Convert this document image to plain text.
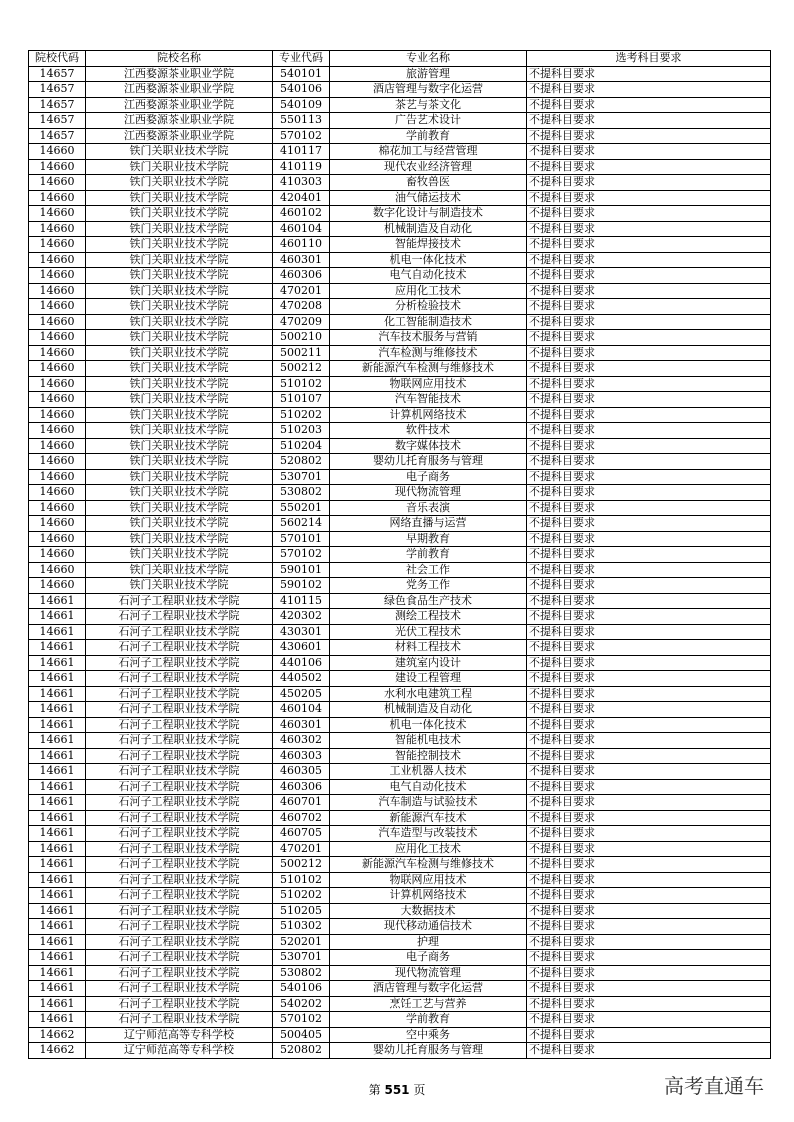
院校代码	院校名称	专业代码	专业名称	选考科目要求
14657	江西婺源茶业职业学院	540101	旅游管理	不提科目要求
14657	江西婺源茶业职业学院	540106	酒店管理与数字化运营	不提科目要求
14657	江西婺源茶业职业学院	540109	茶艺与茶文化	不提科目要求
14657	江西婺源茶业职业学院	550113	广告艺术设计	不提科目要求
14657	江西婺源茶业职业学院	570102	学前教育	不提科目要求
14660	铁门关职业技术学院	410117	棉花加工与经营管理	不提科目要求
14660	铁门关职业技术学院	410119	现代农业经济管理	不提科目要求
14660	铁门关职业技术学院	410303	畜牧兽医	不提科目要求
14660	铁门关职业技术学院	420401	油气储运技术	不提科目要求
14660	铁门关职业技术学院	460102	数字化设计与制造技术	不提科目要求
14660	铁门关职业技术学院	460104	机械制造及自动化	不提科目要求
14660	铁门关职业技术学院	460110	智能焊接技术	不提科目要求
14660	铁门关职业技术学院	460301	机电一体化技术	不提科目要求
14660	铁门关职业技术学院	460306	电气自动化技术	不提科目要求
14660	铁门关职业技术学院	470201	应用化工技术	不提科目要求
14660	铁门关职业技术学院	470208	分析检验技术	不提科目要求
14660	铁门关职业技术学院	470209	化工智能制造技术	不提科目要求
14660	铁门关职业技术学院	500210	汽车技术服务与营销	不提科目要求
14660	铁门关职业技术学院	500211	汽车检测与维修技术	不提科目要求
14660	铁门关职业技术学院	500212	新能源汽车检测与维修技术	不提科目要求
14660	铁门关职业技术学院	510102	物联网应用技术	不提科目要求
14660	铁门关职业技术学院	510107	汽车智能技术	不提科目要求
14660	铁门关职业技术学院	510202	计算机网络技术	不提科目要求
14660	铁门关职业技术学院	510203	软件技术	不提科目要求
14660	铁门关职业技术学院	510204	数字媒体技术	不提科目要求
14660	铁门关职业技术学院	520802	婴幼儿托育服务与管理	不提科目要求
14660	铁门关职业技术学院	530701	电子商务	不提科目要求
14660	铁门关职业技术学院	530802	现代物流管理	不提科目要求
14660	铁门关职业技术学院	550201	音乐表演	不提科目要求
14660	铁门关职业技术学院	560214	网络直播与运营	不提科目要求
14660	铁门关职业技术学院	570101	早期教育	不提科目要求
14660	铁门关职业技术学院	570102	学前教育	不提科目要求
14660	铁门关职业技术学院	590101	社会工作	不提科目要求
14660	铁门关职业技术学院	590102	党务工作	不提科目要求
14661	石河子工程职业技术学院	410115	绿色食品生产技术	不提科目要求
14661	石河子工程职业技术学院	420302	测绘工程技术	不提科目要求
14661	石河子工程职业技术学院	430301	光伏工程技术	不提科目要求
14661	石河子工程职业技术学院	430601	材料工程技术	不提科目要求
14661	石河子工程职业技术学院	440106	建筑室内设计	不提科目要求
14661	石河子工程职业技术学院	440502	建设工程管理	不提科目要求
14661	石河子工程职业技术学院	450205	水利水电建筑工程	不提科目要求
14661	石河子工程职业技术学院	460104	机械制造及自动化	不提科目要求
14661	石河子工程职业技术学院	460301	机电一体化技术	不提科目要求
14661	石河子工程职业技术学院	460302	智能机电技术	不提科目要求
14661	石河子工程职业技术学院	460303	智能控制技术	不提科目要求
14661	石河子工程职业技术学院	460305	工业机器人技术	不提科目要求
14661	石河子工程职业技术学院	460306	电气自动化技术	不提科目要求
14661	石河子工程职业技术学院	460701	汽车制造与试验技术	不提科目要求
14661	石河子工程职业技术学院	460702	新能源汽车技术	不提科目要求
14661	石河子工程职业技术学院	460705	汽车造型与改装技术	不提科目要求
14661	石河子工程职业技术学院	470201	应用化工技术	不提科目要求
14661	石河子工程职业技术学院	500212	新能源汽车检测与维修技术	不提科目要求
14661	石河子工程职业技术学院	510102	物联网应用技术	不提科目要求
14661	石河子工程职业技术学院	510202	计算机网络技术	不提科目要求
14661	石河子工程职业技术学院	510205	大数据技术	不提科目要求
14661	石河子工程职业技术学院	510302	现代移动通信技术	不提科目要求
14661	石河子工程职业技术学院	520201	护理	不提科目要求
14661	石河子工程职业技术学院	530701	电子商务	不提科目要求
14661	石河子工程职业技术学院	530802	现代物流管理	不提科目要求
14661	石河子工程职业技术学院	540106	酒店管理与数字化运营	不提科目要求
14661	石河子工程职业技术学院	540202	烹饪工艺与营养	不提科目要求
14661	石河子工程职业技术学院	570102	学前教育	不提科目要求
14662	辽宁师范高等专科学校	500405	空中乘务	不提科目要求
14662	辽宁师范高等专科学校	520802	婴幼儿托育服务与管理	不提科目要求
第 551 页	高考直通车
